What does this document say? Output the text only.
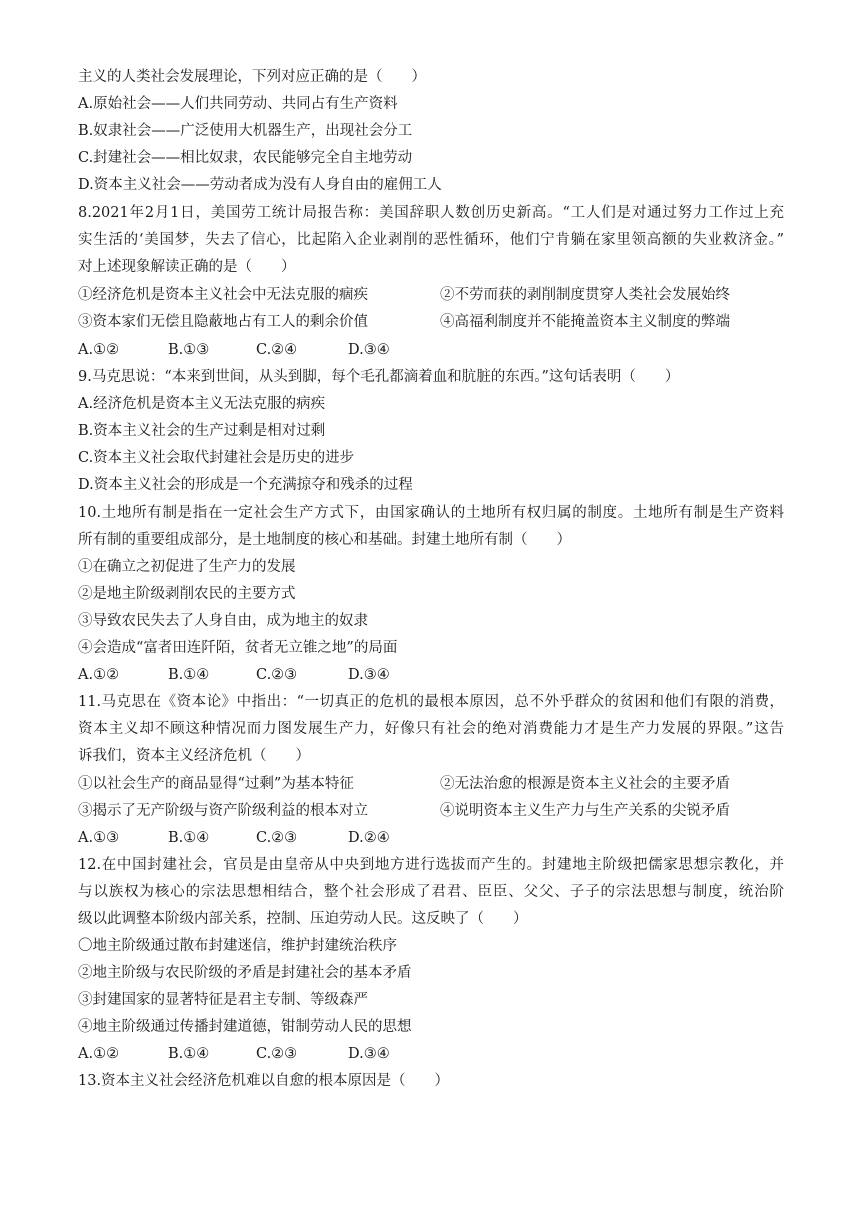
主义的人类社会发展理论，下列对应正确的是（　　）
A.原始社会——人们共同劳动、共同占有生产资料
B.奴隶社会——广泛使用大机器生产，出现社会分工
C.封建社会——相比奴隶，农民能够完全自主地劳动
D.资本主义社会——劳动者成为没有人身自由的雇佣工人
8.2021年2月1日，美国劳工统计局报告称：美国辞职人数创历史新高。“工人们是对通过努力工作过上充
实生活的‘美国梦，失去了信心，比起陷入企业剥削的恶性循环，他们宁肯躺在家里领高额的失业救济金。”
对上述现象解读正确的是（　　）
①经济危机是资本主义社会中无法克服的痼疾	②不劳而获的剥削制度贯穿人类社会发展始终
③资本家们无偿且隐蔽地占有工人的剩余价值	④高福利制度并不能掩盖资本主义制度的弊端
A.①②	B.①③	C.②④	D.③④
9.马克思说：“本来到世间，从头到脚，每个毛孔都滴着血和肮脏的东西。”这句话表明（　　）
A.经济危机是资本主义无法克服的病疾
B.资本主义社会的生产过剩是相对过剩
C.资本主义社会取代封建社会是历史的进步
D.资本主义社会的形成是一个充满掠夺和残杀的过程
10.土地所有制是指在一定社会生产方式下，由国家确认的土地所有权归属的制度。土地所有制是生产资料
所有制的重要组成部分，是土地制度的核心和基础。封建土地所有制（　　）
①在确立之初促进了生产力的发展
②是地主阶级剥削农民的主要方式
③导致农民失去了人身自由，成为地主的奴隶
④会造成“富者田连阡陌，贫者无立锥之地”的局面
A.①②	B.①④	C.②③	D.③④
11.马克思在《资本论》中指出：“一切真正的危机的最根本原因，总不外乎群众的贫困和他们有限的消费，
资本主义却不顾这种情况而力图发展生产力，好像只有社会的绝对消费能力才是生产力发展的界限。”这告
诉我们，资本主义经济危机（　　）
①以社会生产的商品显得“过剩”为基本特征	②无法治愈的根源是资本主义社会的主要矛盾
③揭示了无产阶级与资产阶级利益的根本对立	④说明资本主义生产力与生产关系的尖锐矛盾
A.①③	B.①④	C.②③	D.②④
12.在中国封建社会，官员是由皇帝从中央到地方进行选拔而产生的。封建地主阶级把儒家思想宗教化，并
与以族权为核心的宗法思想相结合，整个社会形成了君君、臣臣、父父、子子的宗法思想与制度，统治阶
级以此调整本阶级内部关系，控制、压迫劳动人民。这反映了（　　）
〇地主阶级通过散布封建迷信，维护封建统治秩序
②地主阶级与农民阶级的矛盾是封建社会的基本矛盾
③封建国家的显著特征是君主专制、等级森严
④地主阶级通过传播封建道德，钳制劳动人民的思想
A.①②	B.①④	C.②③	D.③④
13.资本主义社会经济危机难以自愈的根本原因是（　　）
